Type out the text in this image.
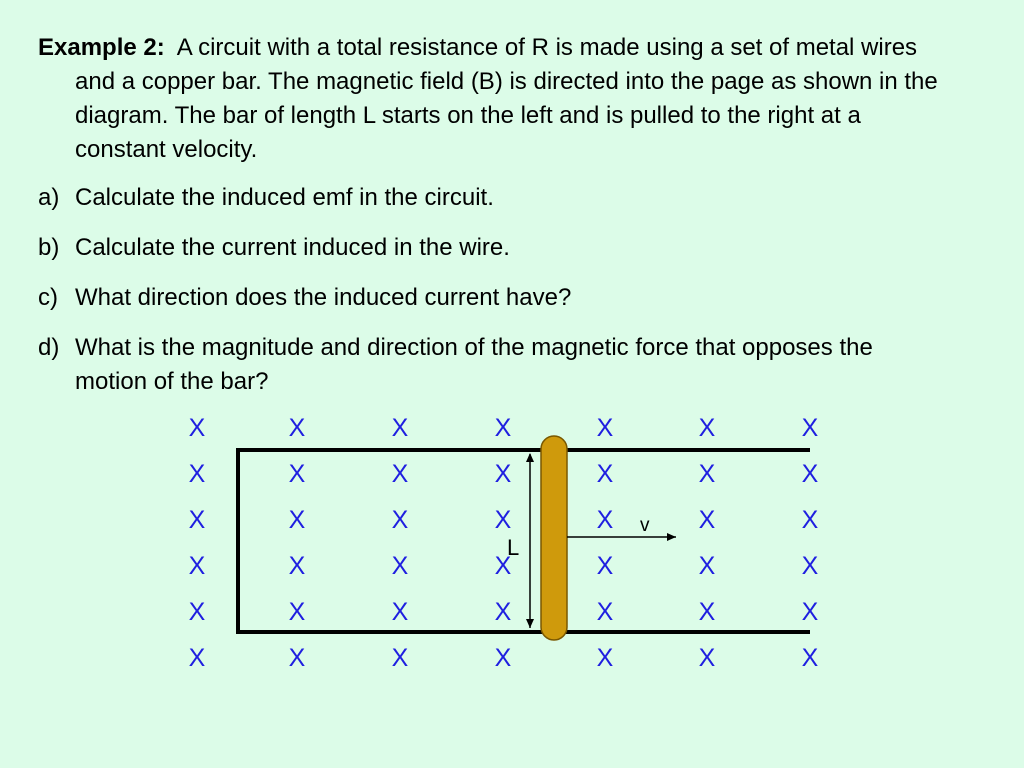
Example 2: A circuit with a total resistance of R is made using a set of metal wires and a copper bar. The magnetic field (B) is directed into the page as shown in the diagram. The bar of length L starts on the left and is pulled to the right at a constant velocity.

a) Calculate the induced emf in the circuit.
b) Calculate the current induced in the wire.
c) What direction does the induced current have?
d) What is the magnitude and direction of the magnetic force that opposes the motion of the bar?
X	X	X	X	X	X	X
X	X	X	X	X	X	X
X	X	X	X	X	X	X
X	X	X	X	X	X	X
X	X	X	X	X	X	X
X	X	X	X	X	X	X
L
v
